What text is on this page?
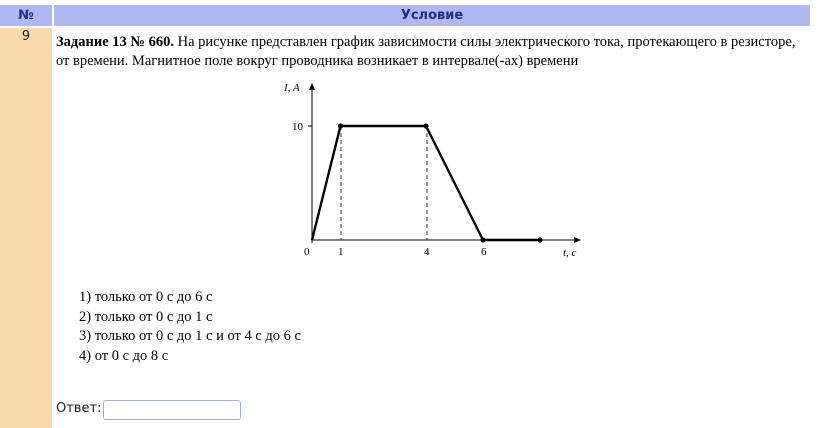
№	Условие
9	Задание 13 № 660. На рисунке представлен график зависимости силы электрического тока, протекающего в резисторе, от времени. Магнитное поле вокруг проводника возникает в интервале(-ах) времени
I, A
t, c
10
0	1	4	6
1) только от 0 с до 6 с
2) только от 0 с до 1 с
3) только от 0 с до 1 с и от 4 с до 6 с
4) от 0 с до 8 с
Ответ:
